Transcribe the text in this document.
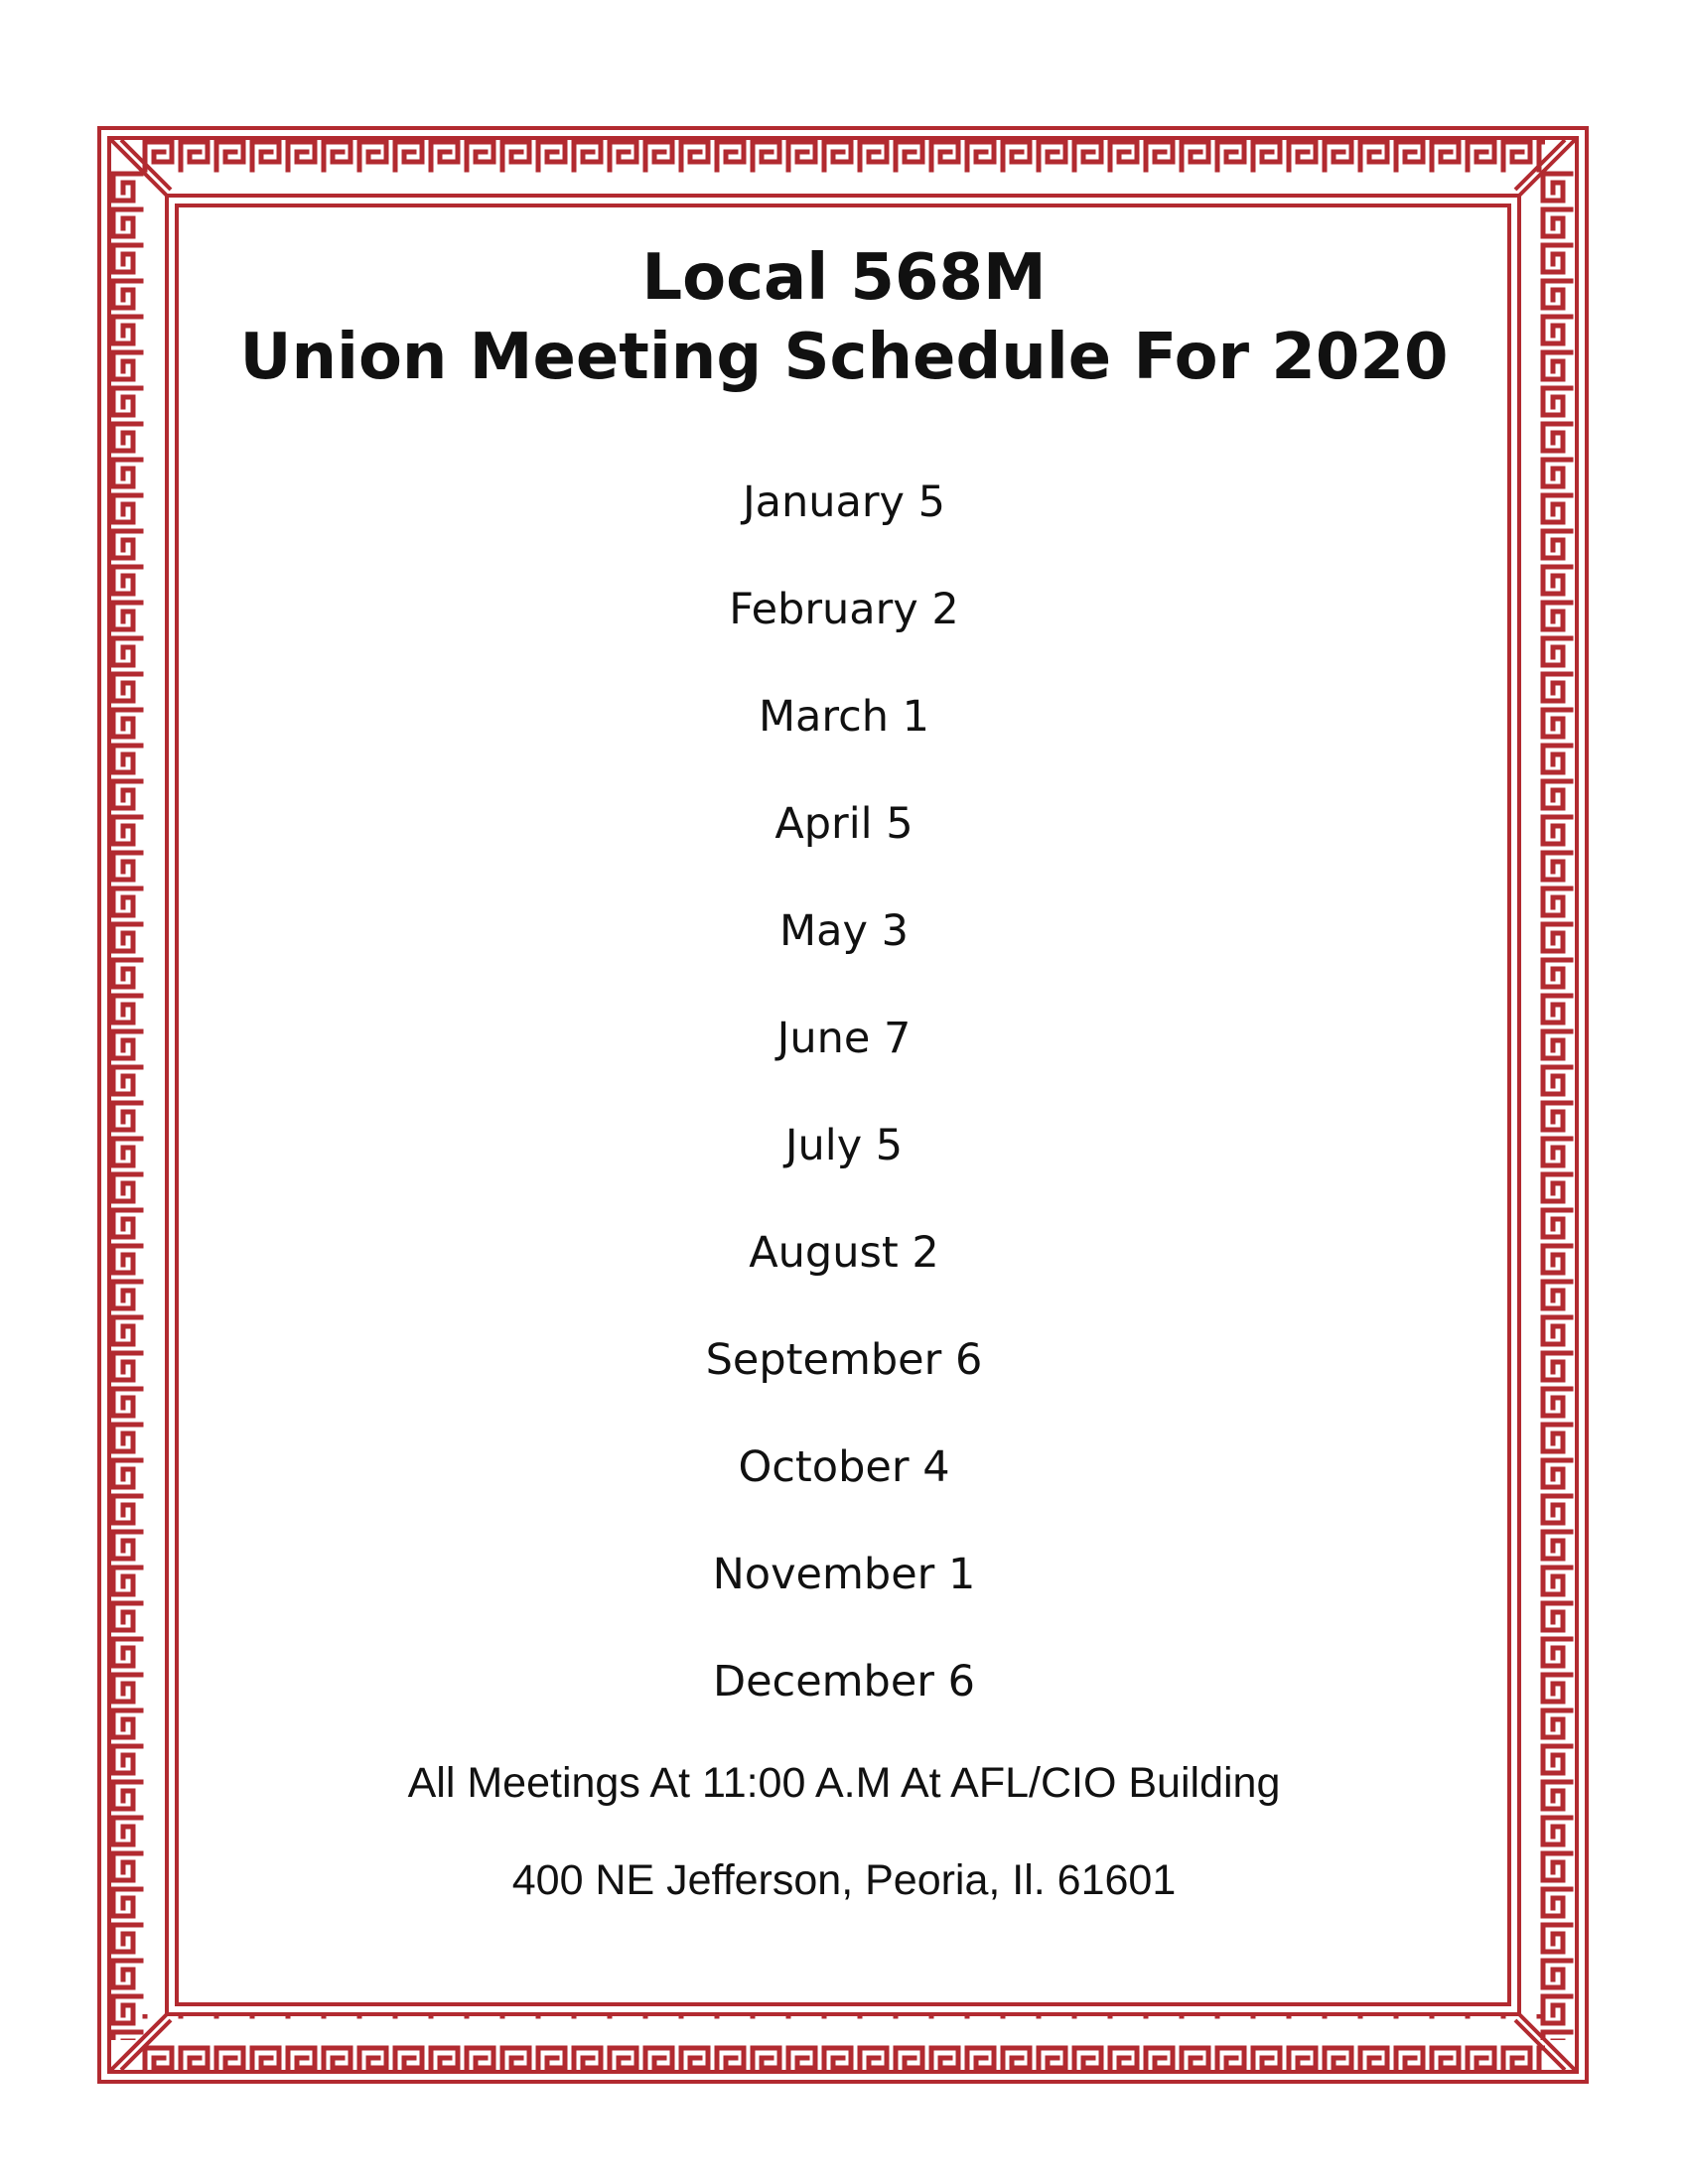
Local 568M
Union Meeting Schedule For 2020
January 5
February 2
March 1
April 5
May 3
June 7
July 5
August 2
September 6
October 4
November 1
December 6
All Meetings At 11:00 A.M At AFL/CIO Building
400 NE Jefferson, Peoria, Il. 61601
